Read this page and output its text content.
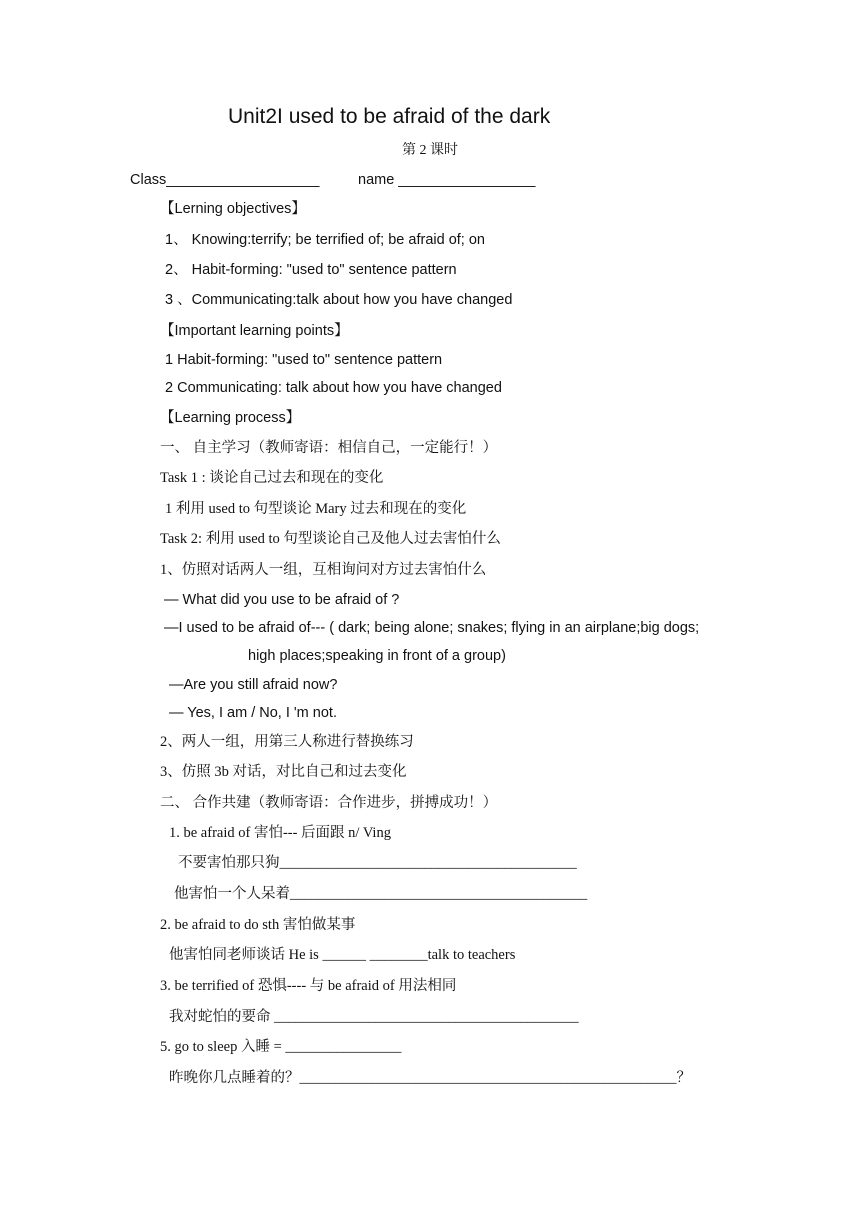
Unit2I used to be afraid of the dark
第 2 课时
Class___________________	name _________________
【Lerning objectives】
1、 Knowing:terrify; be terrified of; be afraid of; on
2、 Habit-forming: "used to" sentence pattern
3 、Communicating:talk about how you have changed
【Important learning points】
1 Habit-forming: "used to" sentence pattern
2 Communicating: talk about how you have changed
【Learning process】
一、 自主学习（教师寄语：相信自己，一定能行！）
Task 1 : 谈论自己过去和现在的变化
1 利用 used to 句型谈论 Mary 过去和现在的变化
Task 2: 利用 used to 句型谈论自己及他人过去害怕什么
1、仿照对话两人一组，互相询问对方过去害怕什么
— What did you use to be afraid of ?
—I used to be afraid of--- ( dark; being alone; snakes; flying in an airplane;big dogs;
high places;speaking in front of a group)
—Are you still afraid now?
— Yes, I am / No, I 'm not.
2、两人一组，用第三人称进行替换练习
3、仿照 3b 对话，对比自己和过去变化
二、 合作共建（教师寄语：合作进步，拼搏成功！）
1. be afraid of 害怕--- 后面跟 n/ Ving
不要害怕那只狗_________________________________________
他害怕一个人呆着_________________________________________
2. be afraid to do sth 害怕做某事
他害怕同老师谈话 He is ______ ________talk to teachers
3. be terrified of 恐惧---- 与 be afraid of 用法相同
我对蛇怕的要命 __________________________________________
5. go to sleep 入睡 = ________________
昨晚你几点睡着的？____________________________________________________？
